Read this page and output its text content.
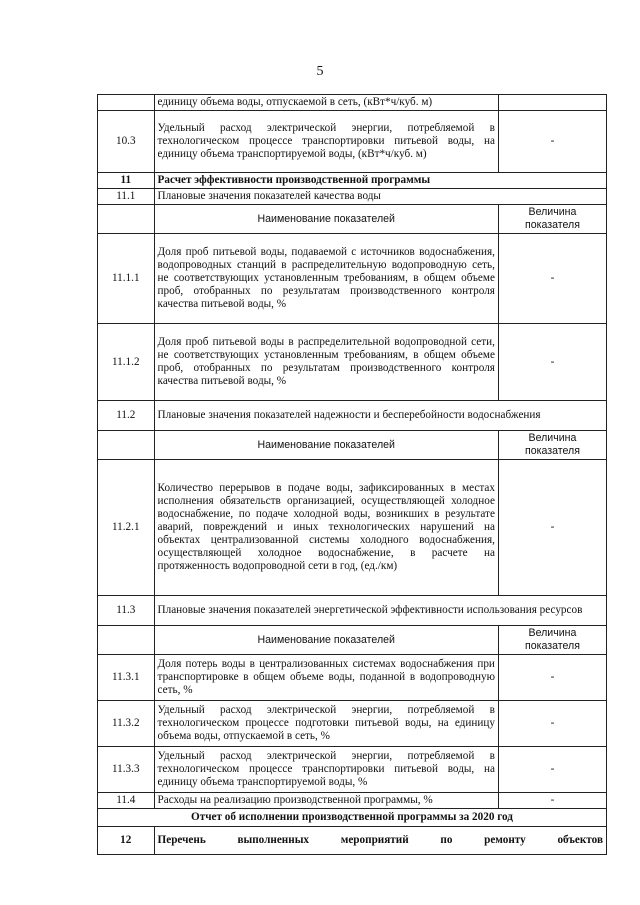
5
	единицу объема воды, отпускаемой в сеть, (кВт*ч/куб. м)	
10.3	Удельный расход электрической энергии, потребляемой в технологическом процессе транспортировки питьевой воды, на единицу объема транспортируемой воды, (кВт*ч/куб. м)	-
11	Расчет эффективности производственной программы	
11.1	Плановые значения показателей качества воды	
	Наименование показателей	Величина показателя
11.1.1	Доля проб питьевой воды, подаваемой с источников водоснабжения, водопроводных станций в распределительную водопроводную сеть, не соответствующих установленным требованиям, в общем объеме проб, отобранных по результатам производственного контроля качества питьевой воды, %	-
11.1.2	Доля проб питьевой воды в распределительной водопроводной сети, не соответствующих установленным требованиям, в общем объеме проб, отобранных по результатам производственного контроля качества питьевой воды, %	-
11.2	Плановые значения показателей надежности и бесперебойности водоснабжения	
	Наименование показателей	Величина показателя
11.2.1	Количество перерывов в подаче воды, зафиксированных в местах исполнения обязательств организацией, осуществляющей холодное водоснабжение, по подаче холодной воды, возникших в результате аварий, повреждений и иных технологических нарушений на объектах централизованной системы холодного водоснабжения, осуществляющей холодное водоснабжение, в расчете на протяженность водопроводной сети в год, (ед./км)	-
11.3	Плановые значения показателей энергетической эффективности использования ресурсов	
	Наименование показателей	Величина показателя
11.3.1	Доля потерь воды в централизованных системах водоснабжения при транспортировке в общем объеме воды, поданной в водопроводную сеть, %	-
11.3.2	Удельный расход электрической энергии, потребляемой в технологическом процессе подготовки питьевой воды, на единицу объема воды, отпускаемой в сеть, %	-
11.3.3	Удельный расход электрической энергии, потребляемой в технологическом процессе транспортировки питьевой воды, на единицу объема транспортируемой воды, %	-
11.4	Расходы на реализацию производственной программы, %	-
Отчет об исполнении производственной программы за 2020 год		
12	Перечень выполненных мероприятий по ремонту объектов	
